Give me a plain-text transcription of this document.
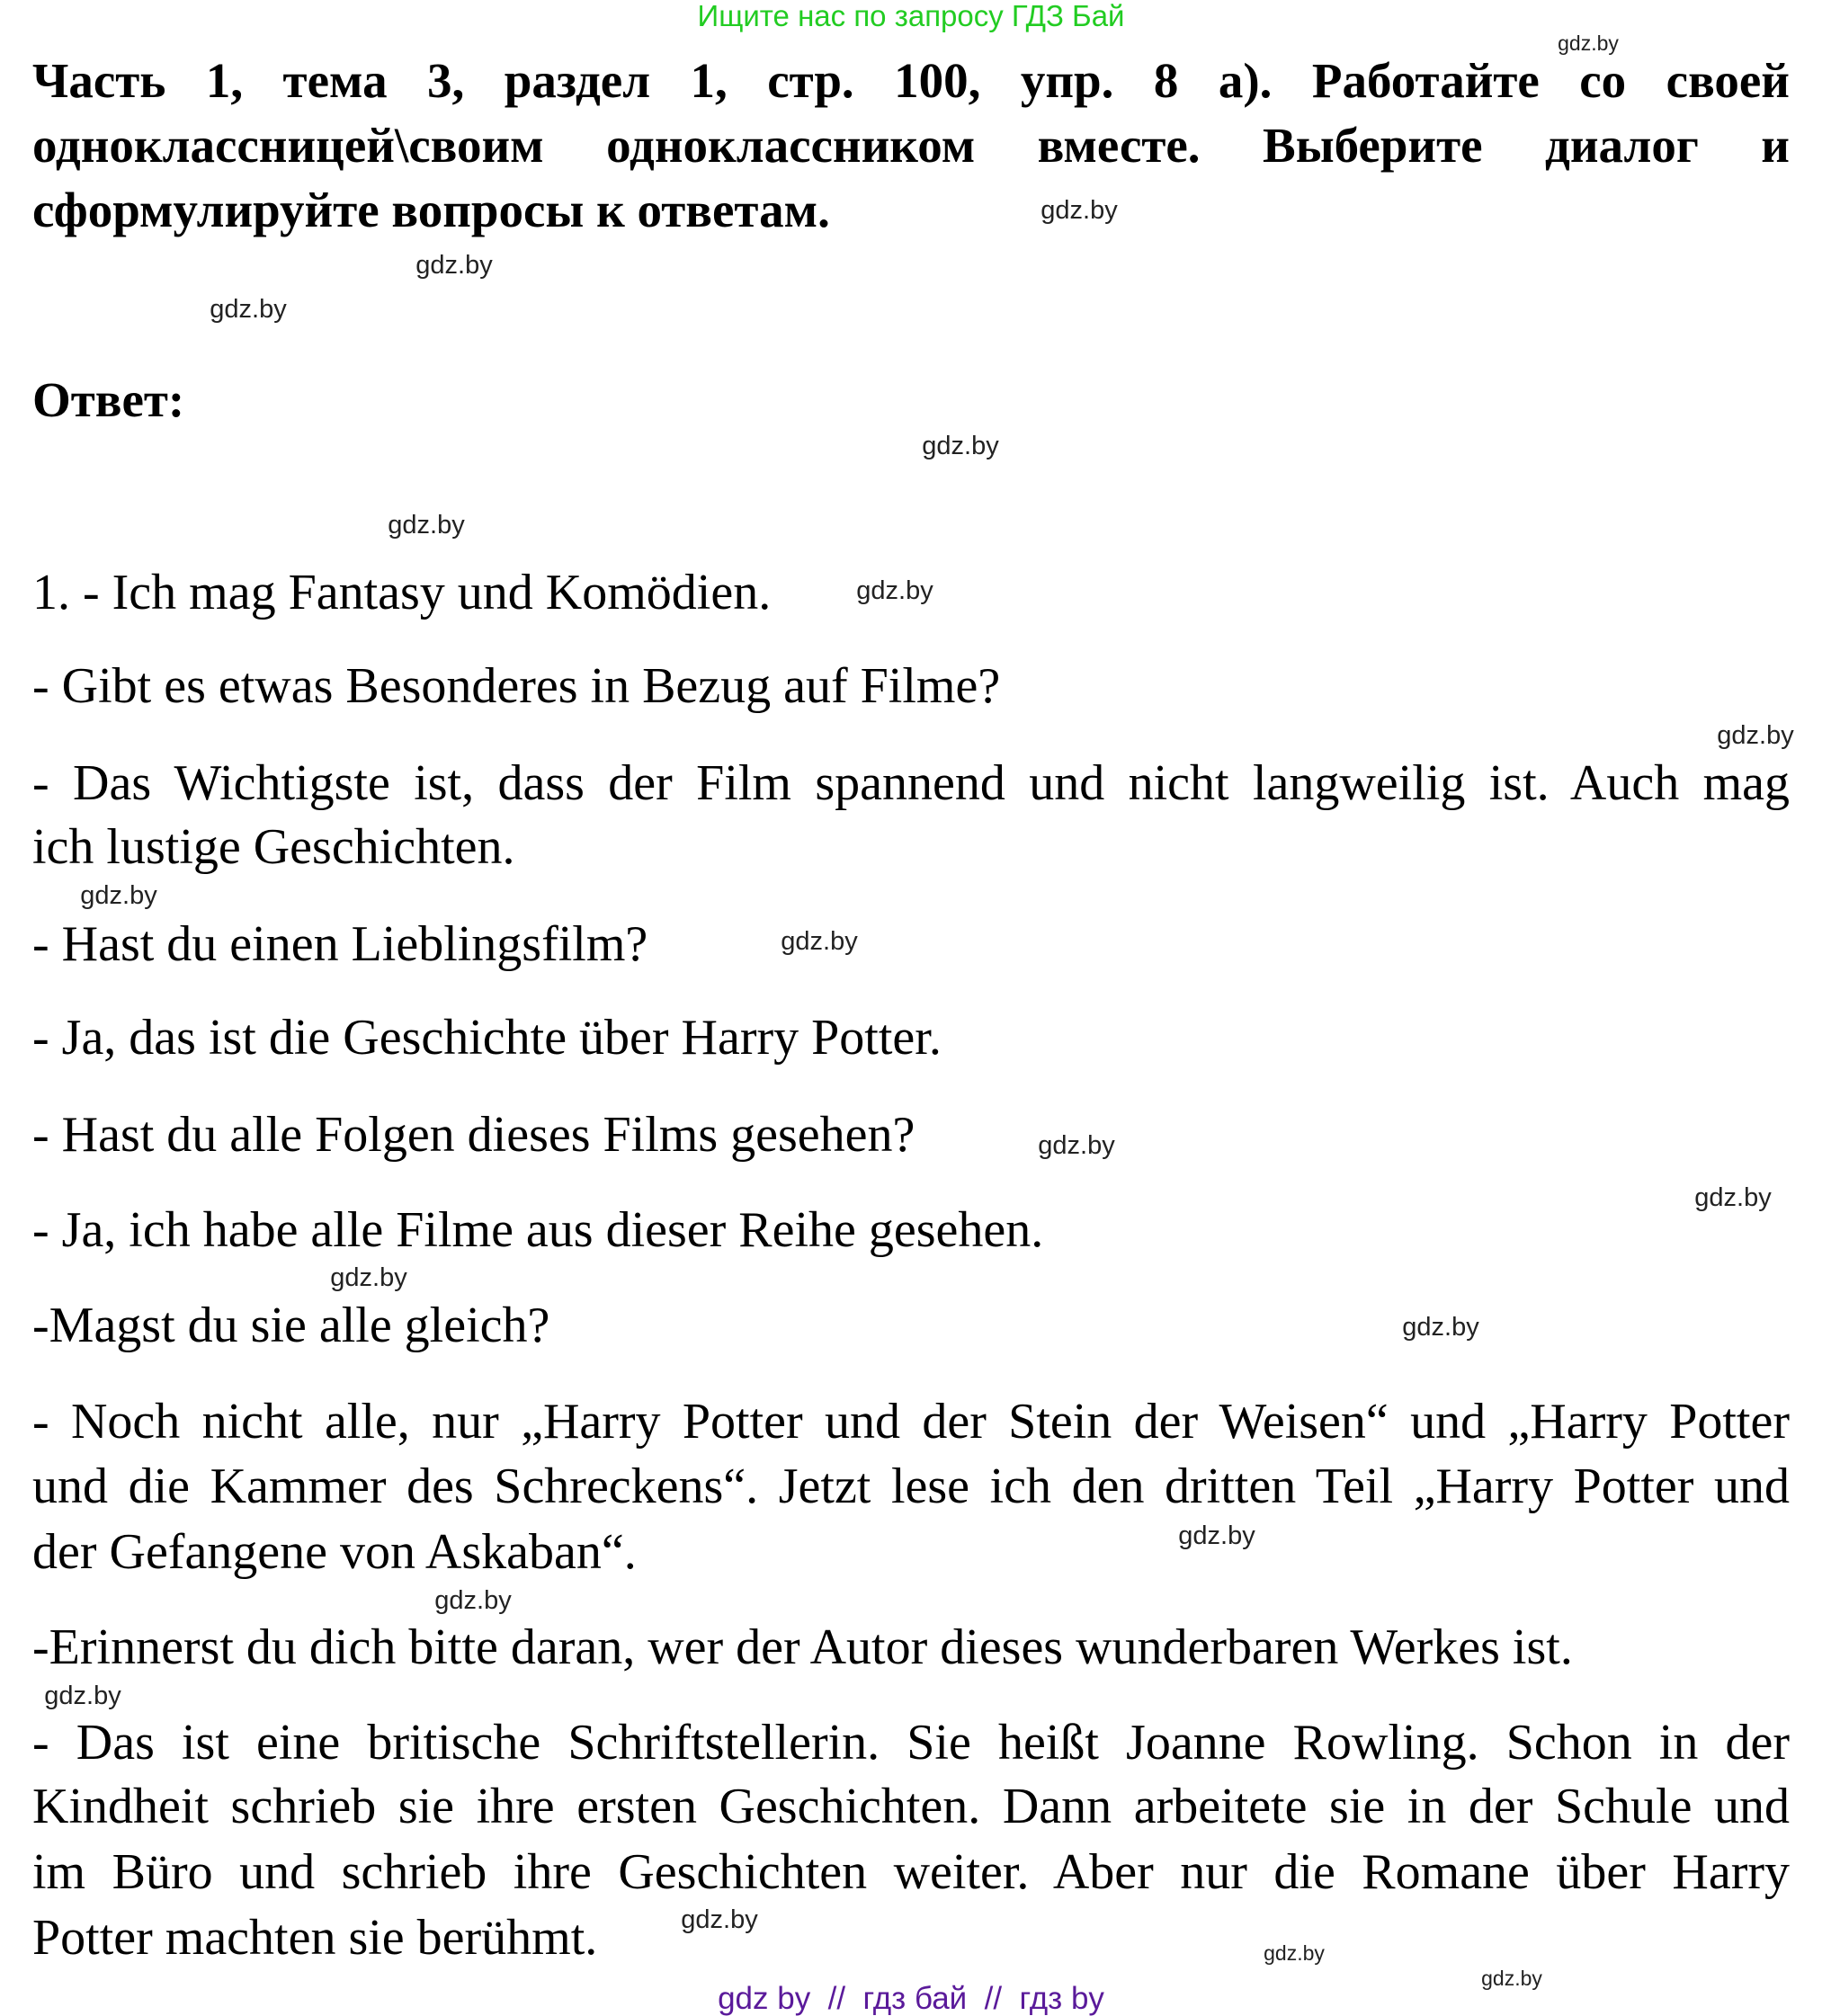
Ищите нас по запросу ГДЗ Бай
Часть 1, тема 3, раздел 1, стр. 100, упр. 8 а). Работайте со своей
одноклассницей\своим одноклассником вместе. Выберите диалог и
сформулируйте вопросы к ответам.
Ответ:
1. - Ich mag Fantasy und Komödien.
- Gibt es etwas Besonderes in Bezug auf Filme?
- Das Wichtigste ist, dass der Film spannend und nicht langweilig ist. Auch mag
ich lustige Geschichten.
- Hast du einen Lieblingsfilm?
- Ja, das ist die Geschichte über Harry Potter.
- Hast du alle Folgen dieses Films gesehen?
- Ja, ich habe alle Filme aus dieser Reihe gesehen.
-Magst du sie alle gleich?
- Noch nicht alle, nur „Harry Potter und der Stein der Weisen“ und „Harry Potter
und die Kammer des Schreckens“. Jetzt lese ich den dritten Teil „Harry Potter und
der Gefangene von Askaban“.
-Erinnerst du dich bitte daran, wer der Autor dieses wunderbaren Werkes ist.
- Das ist eine britische Schriftstellerin. Sie heißt Joanne Rowling. Schon in der
Kindheit schrieb sie ihre ersten Geschichten. Dann arbeitete sie in der Schule und
im Büro und schrieb ihre Geschichten weiter. Aber nur die Romane über Harry
Potter machten sie berühmt.
gdz.by
gdz.by
gdz.by
gdz.by
gdz.by
gdz.by
gdz.by
gdz.by
gdz.by
gdz.by
gdz.by
gdz.by
gdz.by
gdz.by
gdz.by
gdz.by
gdz.by
gdz.by
gdz.by
gdz.by
gdz by  //  гдз бай  //  гдз by
